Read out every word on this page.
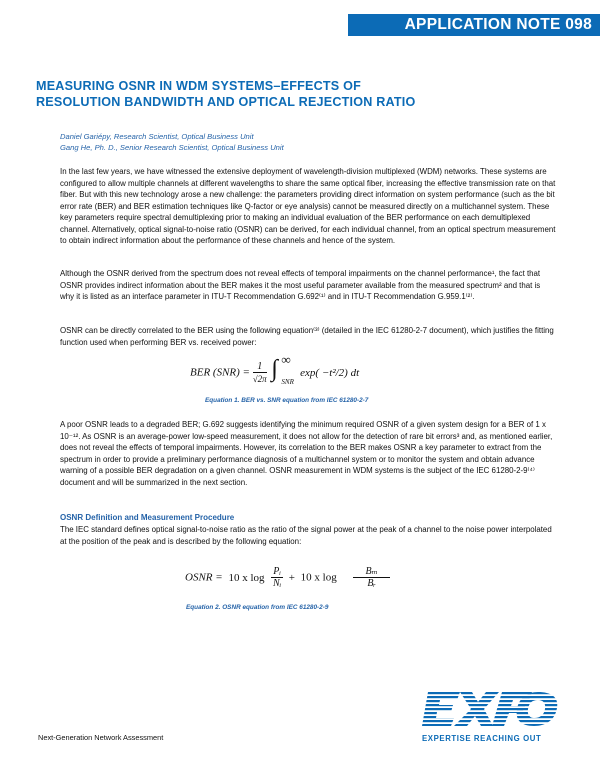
APPLICATION NOTE 098
MEASURING OSNR IN WDM SYSTEMS–EFFECTS OF
RESOLUTION BANDWIDTH AND OPTICAL REJECTION RATIO
Daniel Gariépy, Research Scientist, Optical Business Unit
Gang He, Ph. D., Senior Research Scientist, Optical Business Unit

In the last few years, we have witnessed the extensive deployment of wavelength-division multiplexed (WDM) networks. These systems are configured to allow multiple channels at different wavelengths to share the same optical fiber, increasing the effective transmission rate on that fiber. But with this new technology arose a new challenge: the parameters providing direct information on system performance (such as the bit error rate (BER) and BER estimation techniques like Q-factor or eye analysis) cannot be measured directly on a multichannel system. These key parameters require spectral demultiplexing prior to making an individual evaluation of the BER performance on each demultiplexed channel. Alternatively, optical signal-to-noise ratio (OSNR) can be derived, for each individual channel, from an optical spectrum measurement to obtain indirect information about the performance of these channels and hence of the system.

Although the OSNR derived from the spectrum does not reveal effects of temporal impairments on the channel performance¹, the fact that OSNR provides indirect information about the BER makes it the most useful parameter available from the measured spectrum² and that is why it is listed as an interface parameter in ITU-T Recommendation G.692⁽¹⁾ and in ITU-T Recommendation G.959.1⁽²⁾.

OSNR can be directly correlated to the BER using the following equation⁽³⁾ (detailed in the IEC 61280-2-7 document), which justifies the fitting function used when performing BER vs. received power:

BER $(SNR) = \frac{1}{√2\pi}$
∫ ∞
SNR
exp( −t²/2) dt
Equation 1. BER vs. SNR equation from IEC 61280-2-7

A poor OSNR leads to a degraded BER; G.692 suggests identifying the minimum required OSNR of a given system design for a BER of 1 x 10⁻¹². As OSNR is an average-power low-speed measurement, it does not allow for the detection of rare bit errors³ and, as mentioned earlier, does not reveal the effects of temporal impairments. However, its correlation to the BER makes OSNR a key parameter to extract from the spectrum in order to provide a preliminary performance diagnosis of a multichannel system or to monitor the system and obtain advance warning of a possible BER degradation on a given channel. OSNR measurement in WDM systems is the subject of the IEC 61280-2-9⁽⁴⁾ document and will be summarized in the next section.

OSNR Definition and Measurement Procedure

The IEC standard defines optical signal-to-noise ratio as the ratio of the signal power at the peak of a channel to the noise power interpolated at the position of the peak and is described by the following equation:

OSNR = 10 x $\log \frac{\text{Pᵢ}}{\text{Nᵢ}} + 10$ x $\log \frac{\text{Bₘ}}{\text{Bᵣ}}$
Equation 2. OSNR equation from IEC 61280-2-9
Next-Generation Network Assessment	EXPERTISE REACHING OUT
